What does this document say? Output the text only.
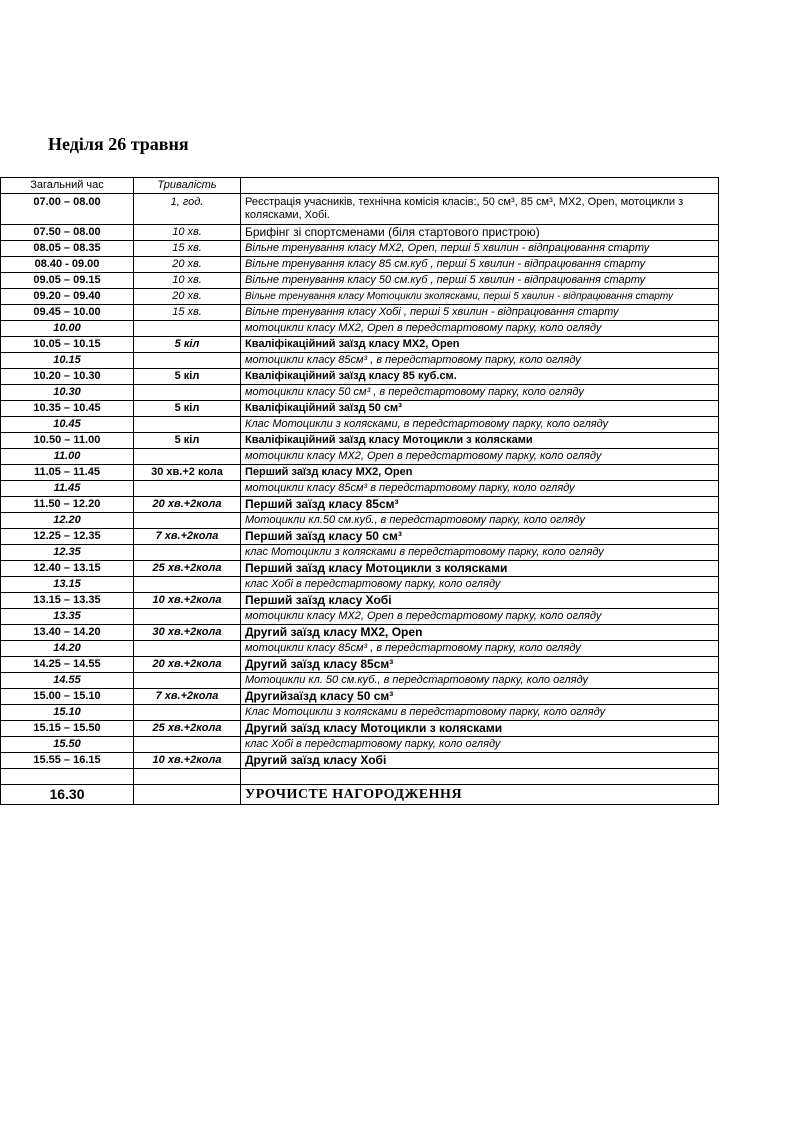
Неділя 26 травня
Загальний час	Тривалість	
07.00 – 08.00	1, год.	Реєстрація учасників, технічна комісія класів:, 50 см³, 85 см³, МХ2, Open, мотоцикли з колясками, Хобі.
07.50 – 08.00	10 хв.	Брифінг зі спортсменами (біля стартового пристрою)
08.05 – 08.35	15 хв.	Вільне тренування класу МХ2, Open, перші 5 хвилин - відпрацювання старту
08.40 - 09.00	20 хв.	Вільне тренування класу 85 см.куб , перші 5 хвилин - відпрацювання старту
09.05 – 09.15	10 хв.	Вільне тренування класу 50 см.куб , перші 5 хвилин - відпрацювання старту
09.20 – 09.40	20 хв.	Вільне тренування класу Мотоцикли зколясками, перші 5 хвилин - відпрацювання старту
09.45 – 10.00	15 хв.	Вільне тренування класу Хобі , перші 5 хвилин - відпрацювання старту
10.00		мотоцикли класу МХ2, Open в передстартовому парку, коло огляду
10.05 – 10.15	5 кіл	Кваліфікаційний заїзд класу МХ2, Open
10.15		мотоцикли класу 85см³ , в передстартовому парку, коло огляду
10.20 – 10.30	5 кіл	Кваліфікаційний заїзд класу 85 куб.см.
10.30		мотоцикли класу 50 см³ , в передстартовому парку, коло огляду
10.35 – 10.45	5 кіл	Кваліфікаційний заїзд 50 см³
10.45		Клас Мотоцикли з колясками, в передстартовому парку, коло огляду
10.50 – 11.00	5 кіл	Кваліфікаційний заїзд класу Мотоцикли з колясками
11.00		мотоцикли класу МХ2, Open в передстартовому парку, коло огляду
11.05 – 11.45	30 хв.+2 кола	Перший заїзд класу МХ2, Open
11.45		мотоцикли класу 85см³ в передстартовому парку, коло огляду
11.50 – 12.20	20 хв.+2кола	Перший заїзд класу 85см³
12.20		Мотоцикли кл.50 см.куб., в передстартовому парку, коло огляду
12.25 – 12.35	7 хв.+2кола	Перший заїзд класу 50 см³
12.35		клас Мотоцикли з колясками в передстартовому парку, коло огляду
12.40 – 13.15	25 хв.+2кола	Перший заїзд класу Мотоцикли з колясками
13.15		клас Хобі в передстартовому парку, коло огляду
13.15 – 13.35	10 хв.+2кола	Перший заїзд класу Хобі
13.35		мотоцикли класу МХ2, Open в передстартовому парку, коло огляду
13.40 – 14.20	30 хв.+2кола	Другий заїзд класу МХ2, Open
14.20		мотоцикли класу 85см³ , в передстартовому парку, коло огляду
14.25 – 14.55	20 хв.+2кола	Другий заїзд класу 85см³
14.55		Мотоцикли кл. 50 см.куб., в передстартовому парку, коло огляду
15.00 – 15.10	7 хв.+2кола	Другийзаїзд класу 50 см³
15.10		Клас Мотоцикли з колясками в передстартовому парку, коло огляду
15.15 – 15.50	25 хв.+2кола	Другий заїзд класу Мотоцикли з колясками
15.50		клас Хобі в передстартовому парку, коло огляду
15.55 – 16.15	10 хв.+2кола	Другий заїзд класу Хобі

16.30		УРОЧИСТЕ НАГОРОДЖЕННЯ
